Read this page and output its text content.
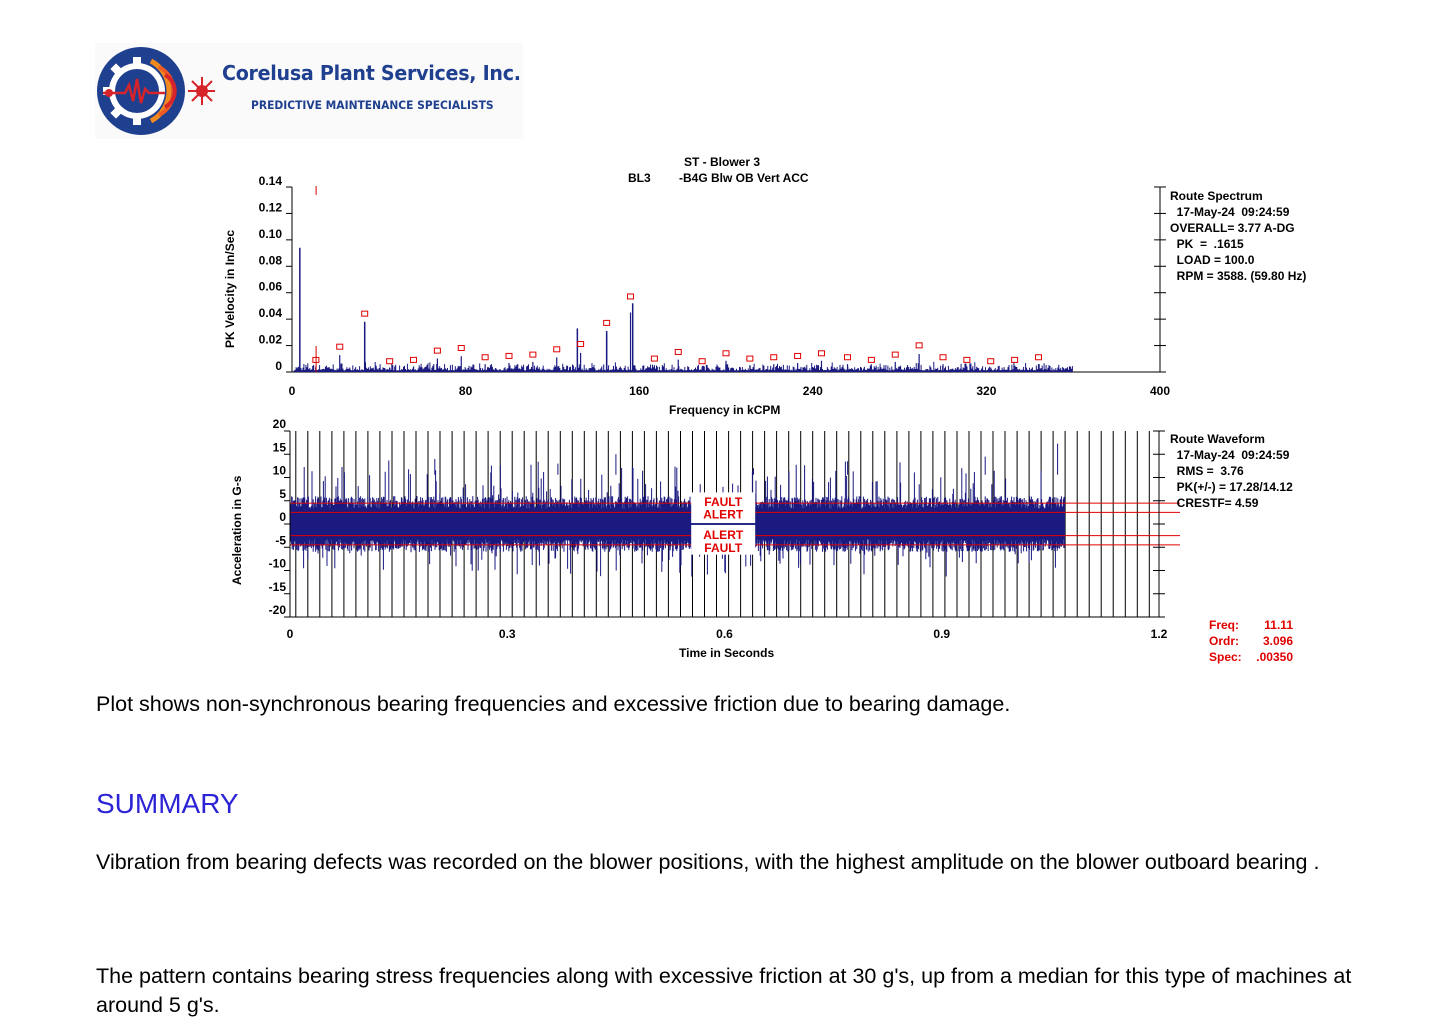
Corelusa Plant Services, Inc.
PREDICTIVE MAINTENANCE SPECIALISTS
ST - Blower 3
BL3 -B4G Blw OB Vert ACC
0
0.02
0.04
0.06
0.08
0.10
0.12
0.14
0	80	160	240	320	400
Frequency in kCPM
PK Velocity in In/Sec
Route Spectrum
17-May-24  09:24:59
OVERALL= 3.77 A-DG
PK  =  .1615
LOAD = 100.0
RPM = 3588. (59.80 Hz)
FAULT
ALERT
ALERT
FAULT
20
15
10
5
0
-5
-10
-15
-20
0	0.3	0.6	0.9	1.2
Time in Seconds
Acceleration in G-s
Route Waveform
17-May-24  09:24:59
RMS =  3.76
PK(+/-) = 17.28/14.12
CRESTF= 4.59
Freq: 11.11
Ordr: 3.096
Spec: .00350

Plot shows non-synchronous bearing frequencies and excessive friction due to bearing damage.

SUMMARY

Vibration from bearing defects was recorded on the blower positions, with the highest amplitude on the blower outboard bearing .

The pattern contains bearing stress frequencies along with excessive friction at 30 g's, up from a median for this type of machines at around 5 g's.
